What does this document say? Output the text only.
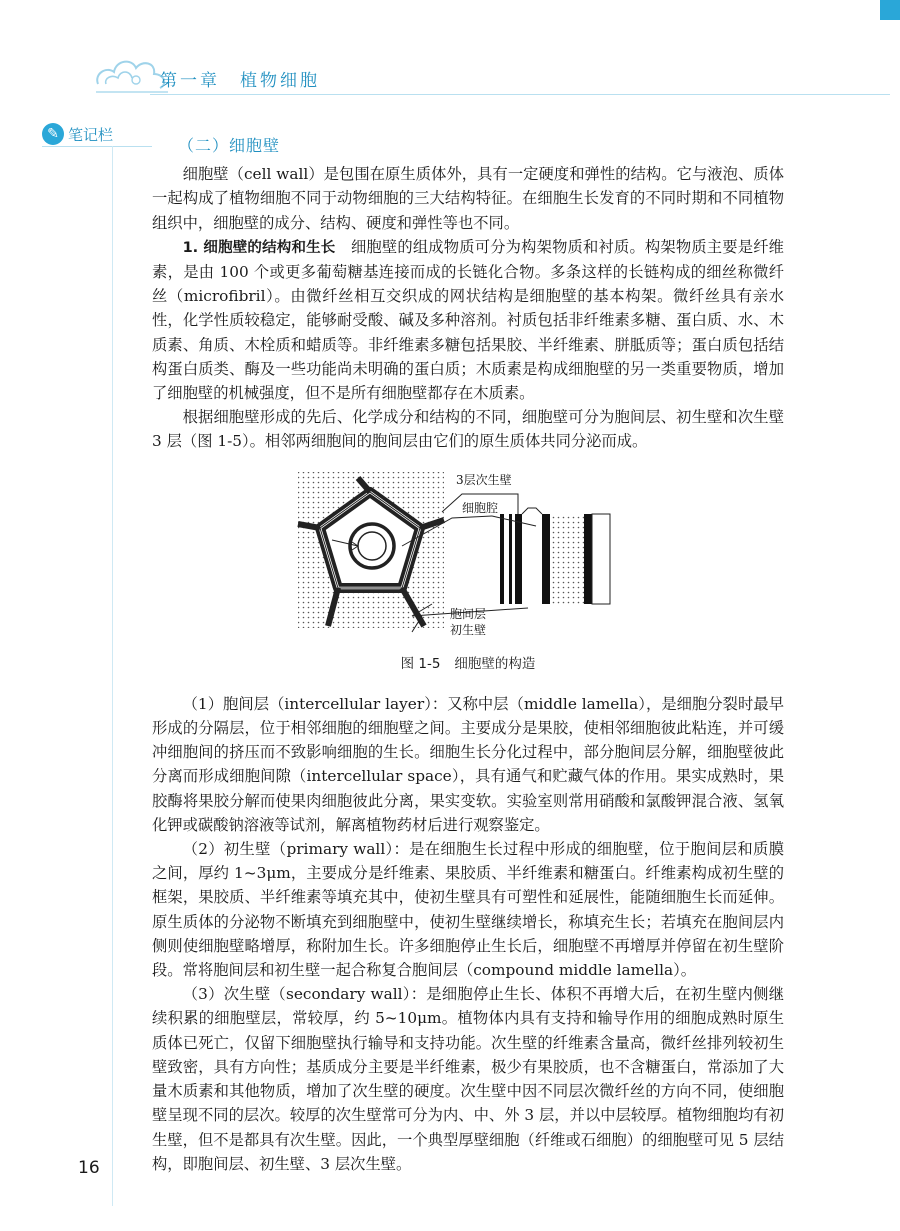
第一章　植物细胞
✎ 笔记栏
（二）细胞壁

细胞壁（cell wall）是包围在原生质体外，具有一定硬度和弹性的结构。它与液泡、质体一起构成了植物细胞不同于动物细胞的三大结构特征。在细胞生长发育的不同时期和不同植物组织中，细胞壁的成分、结构、硬度和弹性等也不同。

1. 细胞壁的结构和生长　细胞壁的组成物质可分为构架物质和衬质。构架物质主要是纤维素，是由 100 个或更多葡萄糖基连接而成的长链化合物。多条这样的长链构成的细丝称微纤丝（microfibril）。由微纤丝相互交织成的网状结构是细胞壁的基本构架。微纤丝具有亲水性，化学性质较稳定，能够耐受酸、碱及多种溶剂。衬质包括非纤维素多糖、蛋白质、水、木质素、角质、木栓质和蜡质等。非纤维素多糖包括果胶、半纤维素、胼胝质等；蛋白质包括结构蛋白质类、酶及一些功能尚未明确的蛋白质；木质素是构成细胞壁的另一类重要物质，增加了细胞壁的机械强度，但不是所有细胞壁都存在木质素。

根据细胞壁形成的先后、化学成分和结构的不同，细胞壁可分为胞间层、初生壁和次生壁 3 层（图 1-5）。相邻两细胞间的胞间层由它们的原生质体共同分泌而成。

3层次生壁
细胞腔
胞间层
初生壁
图 1-5 细胞壁的构造

（1）胞间层（intercellular layer）：又称中层（middle lamella），是细胞分裂时最早形成的分隔层，位于相邻细胞的细胞壁之间。主要成分是果胶，使相邻细胞彼此粘连，并可缓冲细胞间的挤压而不致影响细胞的生长。细胞生长分化过程中，部分胞间层分解，细胞壁彼此分离而形成细胞间隙（intercellular space），具有通气和贮藏气体的作用。果实成熟时，果胶酶将果胶分解而使果肉细胞彼此分离，果实变软。实验室则常用硝酸和氯酸钾混合液、氢氧化钾或碳酸钠溶液等试剂，解离植物药材后进行观察鉴定。

（2）初生壁（primary wall）：是在细胞生长过程中形成的细胞壁，位于胞间层和质膜之间，厚约 1~3μm，主要成分是纤维素、果胶质、半纤维素和糖蛋白。纤维素构成初生壁的框架，果胶质、半纤维素等填充其中，使初生壁具有可塑性和延展性，能随细胞生长而延伸。原生质体的分泌物不断填充到细胞壁中，使初生壁继续增长，称填充生长；若填充在胞间层内侧则使细胞壁略增厚，称附加生长。许多细胞停止生长后，细胞壁不再增厚并停留在初生壁阶段。常将胞间层和初生壁一起合称复合胞间层（compound middle lamella）。

（3）次生壁（secondary wall）：是细胞停止生长、体积不再增大后，在初生壁内侧继续积累的细胞壁层，常较厚，约 5~10μm。植物体内具有支持和输导作用的细胞成熟时原生质体已死亡，仅留下细胞壁执行输导和支持功能。次生壁的纤维素含量高，微纤丝排列较初生壁致密，具有方向性；基质成分主要是半纤维素，极少有果胶质，也不含糖蛋白，常添加了大量木质素和其他物质，增加了次生壁的硬度。次生壁中因不同层次微纤丝的方向不同，使细胞壁呈现不同的层次。较厚的次生壁常可分为内、中、外 3 层，并以中层较厚。植物细胞均有初生壁，但不是都具有次生壁。因此，一个典型厚壁细胞（纤维或石细胞）的细胞壁可见 5 层结构，即胞间层、初生壁、3 层次生壁。

16
